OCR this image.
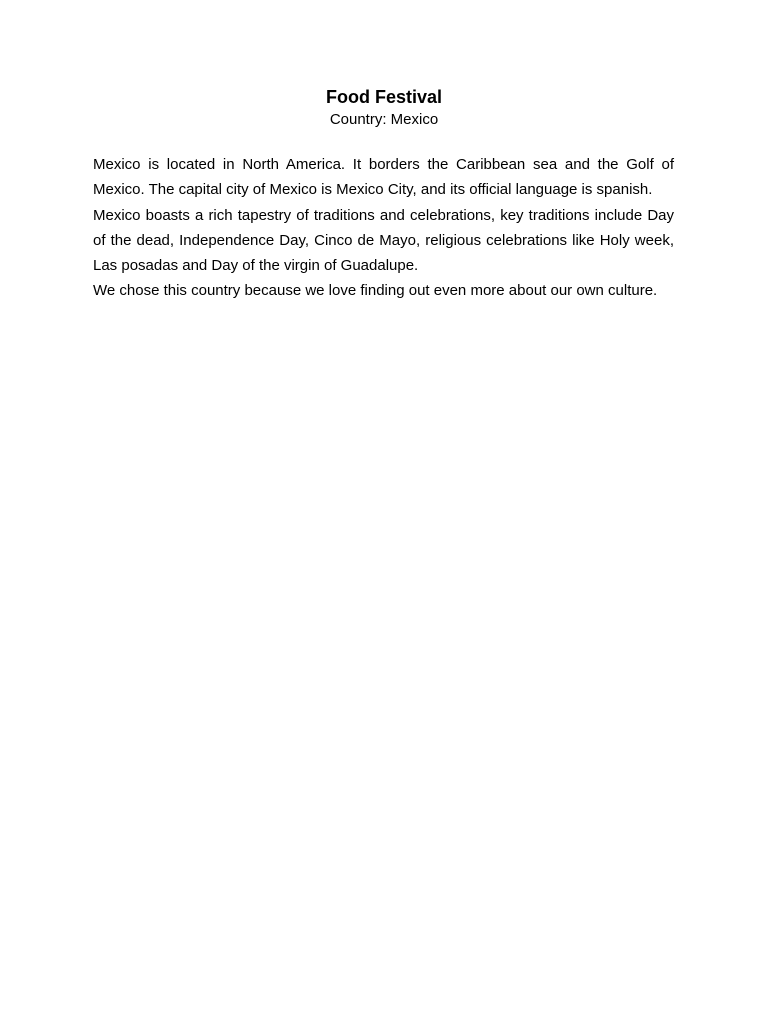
Food Festival
Country: Mexico

Mexico is located in North America. It borders the Caribbean sea and the Golf of Mexico. The capital city of Mexico is Mexico City, and its official language is spanish.

Mexico boasts a rich tapestry of traditions and celebrations, key traditions include Day of the dead, Independence Day, Cinco de Mayo, religious celebrations like Holy week, Las posadas and Day of the virgin of Guadalupe.

We chose this country because we love finding out even more about our own culture.
